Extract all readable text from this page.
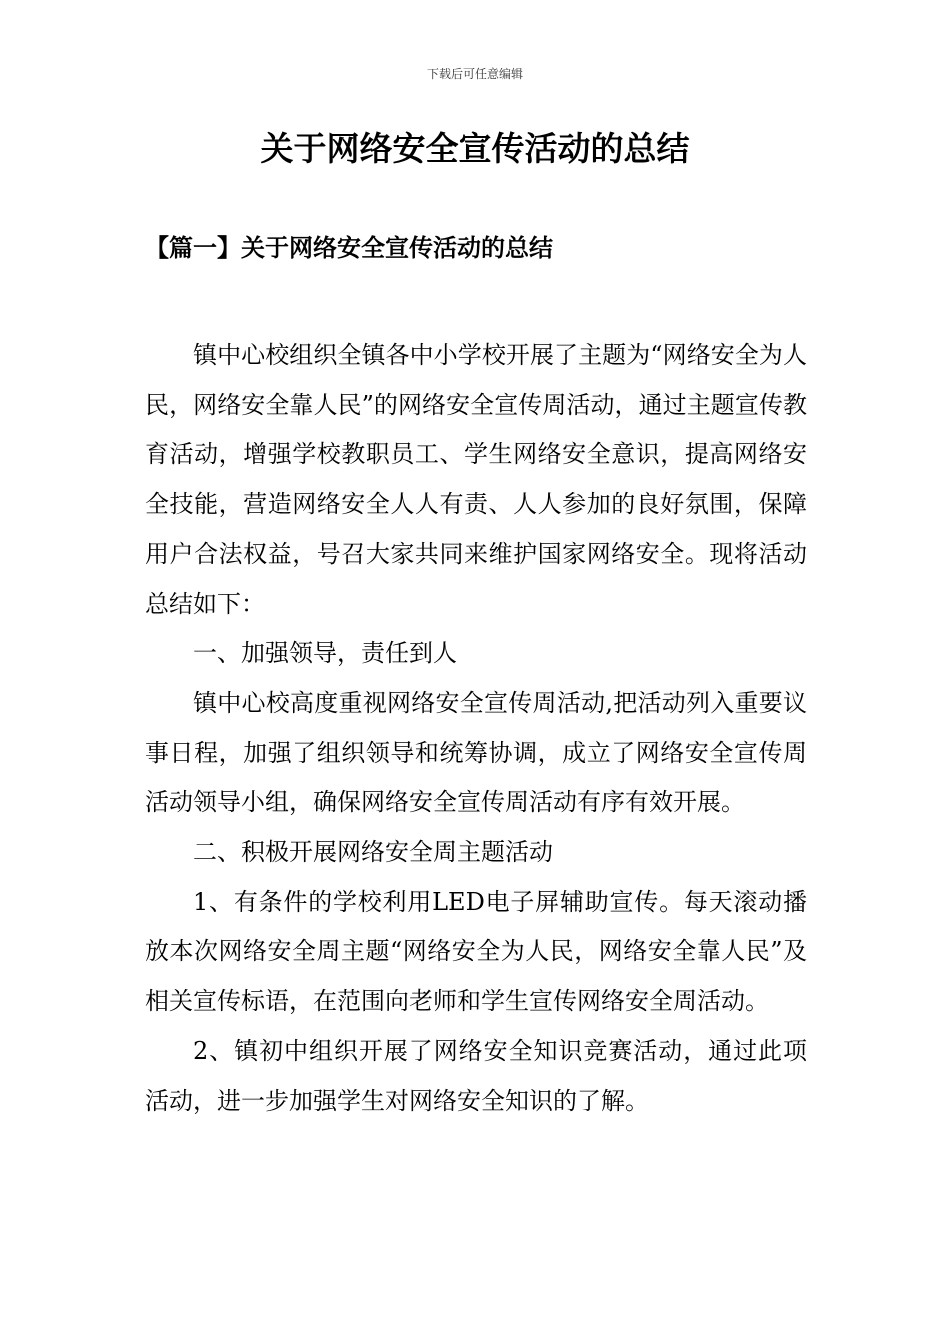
下载后可任意编辑
关于网络安全宣传活动的总结
【篇一】关于网络安全宣传活动的总结

镇中心校组织全镇各中小学校开展了主题为“网络安全为人民，网络安全靠人民”的网络安全宣传周活动，通过主题宣传教育活动，增强学校教职员工、学生网络安全意识，提高网络安全技能，营造网络安全人人有责、人人参加的良好氛围，保障用户合法权益，号召大家共同来维护国家网络安全。现将活动总结如下：

一、加强领导，责任到人

镇中心校高度重视网络安全宣传周活动,把活动列入重要议事日程，加强了组织领导和统筹协调，成立了网络安全宣传周活动领导小组，确保网络安全宣传周活动有序有效开展。

二、积极开展网络安全周主题活动

1、有条件的学校利用LED电子屏辅助宣传。每天滚动播放本次网络安全周主题“网络安全为人民，网络安全靠人民”及相关宣传标语，在范围向老师和学生宣传网络安全周活动。

2、镇初中组织开展了网络安全知识竞赛活动，通过此项活动，进一步加强学生对网络安全知识的了解。
